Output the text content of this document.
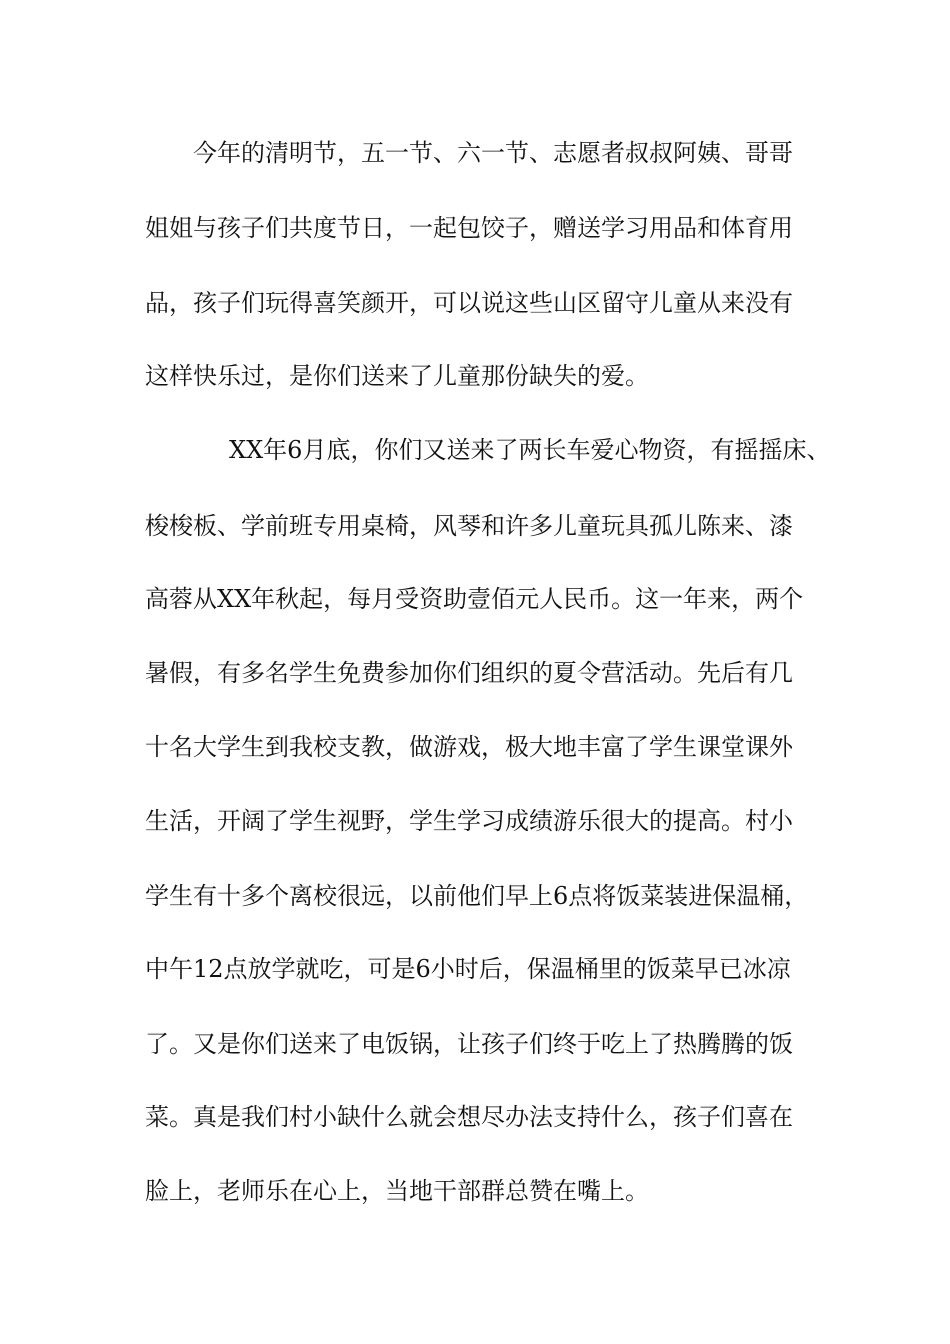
今年的清明节，五一节、六一节、志愿者叔叔阿姨、哥哥
姐姐与孩子们共度节日，一起包饺子，赠送学习用品和体育用
品，孩子们玩得喜笑颜开，可以说这些山区留守儿童从来没有
这样快乐过，是你们送来了儿童那份缺失的爱。
XX年6月底，你们又送来了两长车爱心物资，有摇摇床、
梭梭板、学前班专用桌椅，风琴和许多儿童玩具孤儿陈来、漆
高蓉从XX年秋起，每月受资助壹佰元人民币。这一年来，两个
暑假，有多名学生免费参加你们组织的夏令营活动。先后有几
十名大学生到我校支教，做游戏，极大地丰富了学生课堂课外
生活，开阔了学生视野，学生学习成绩游乐很大的提高。村小
学生有十多个离校很远，以前他们早上6点将饭菜装进保温桶，
中午12点放学就吃，可是6小时后，保温桶里的饭菜早已冰凉
了。又是你们送来了电饭锅，让孩子们终于吃上了热腾腾的饭
菜。真是我们村小缺什么就会想尽办法支持什么，孩子们喜在
脸上，老师乐在心上，当地干部群总赞在嘴上。
